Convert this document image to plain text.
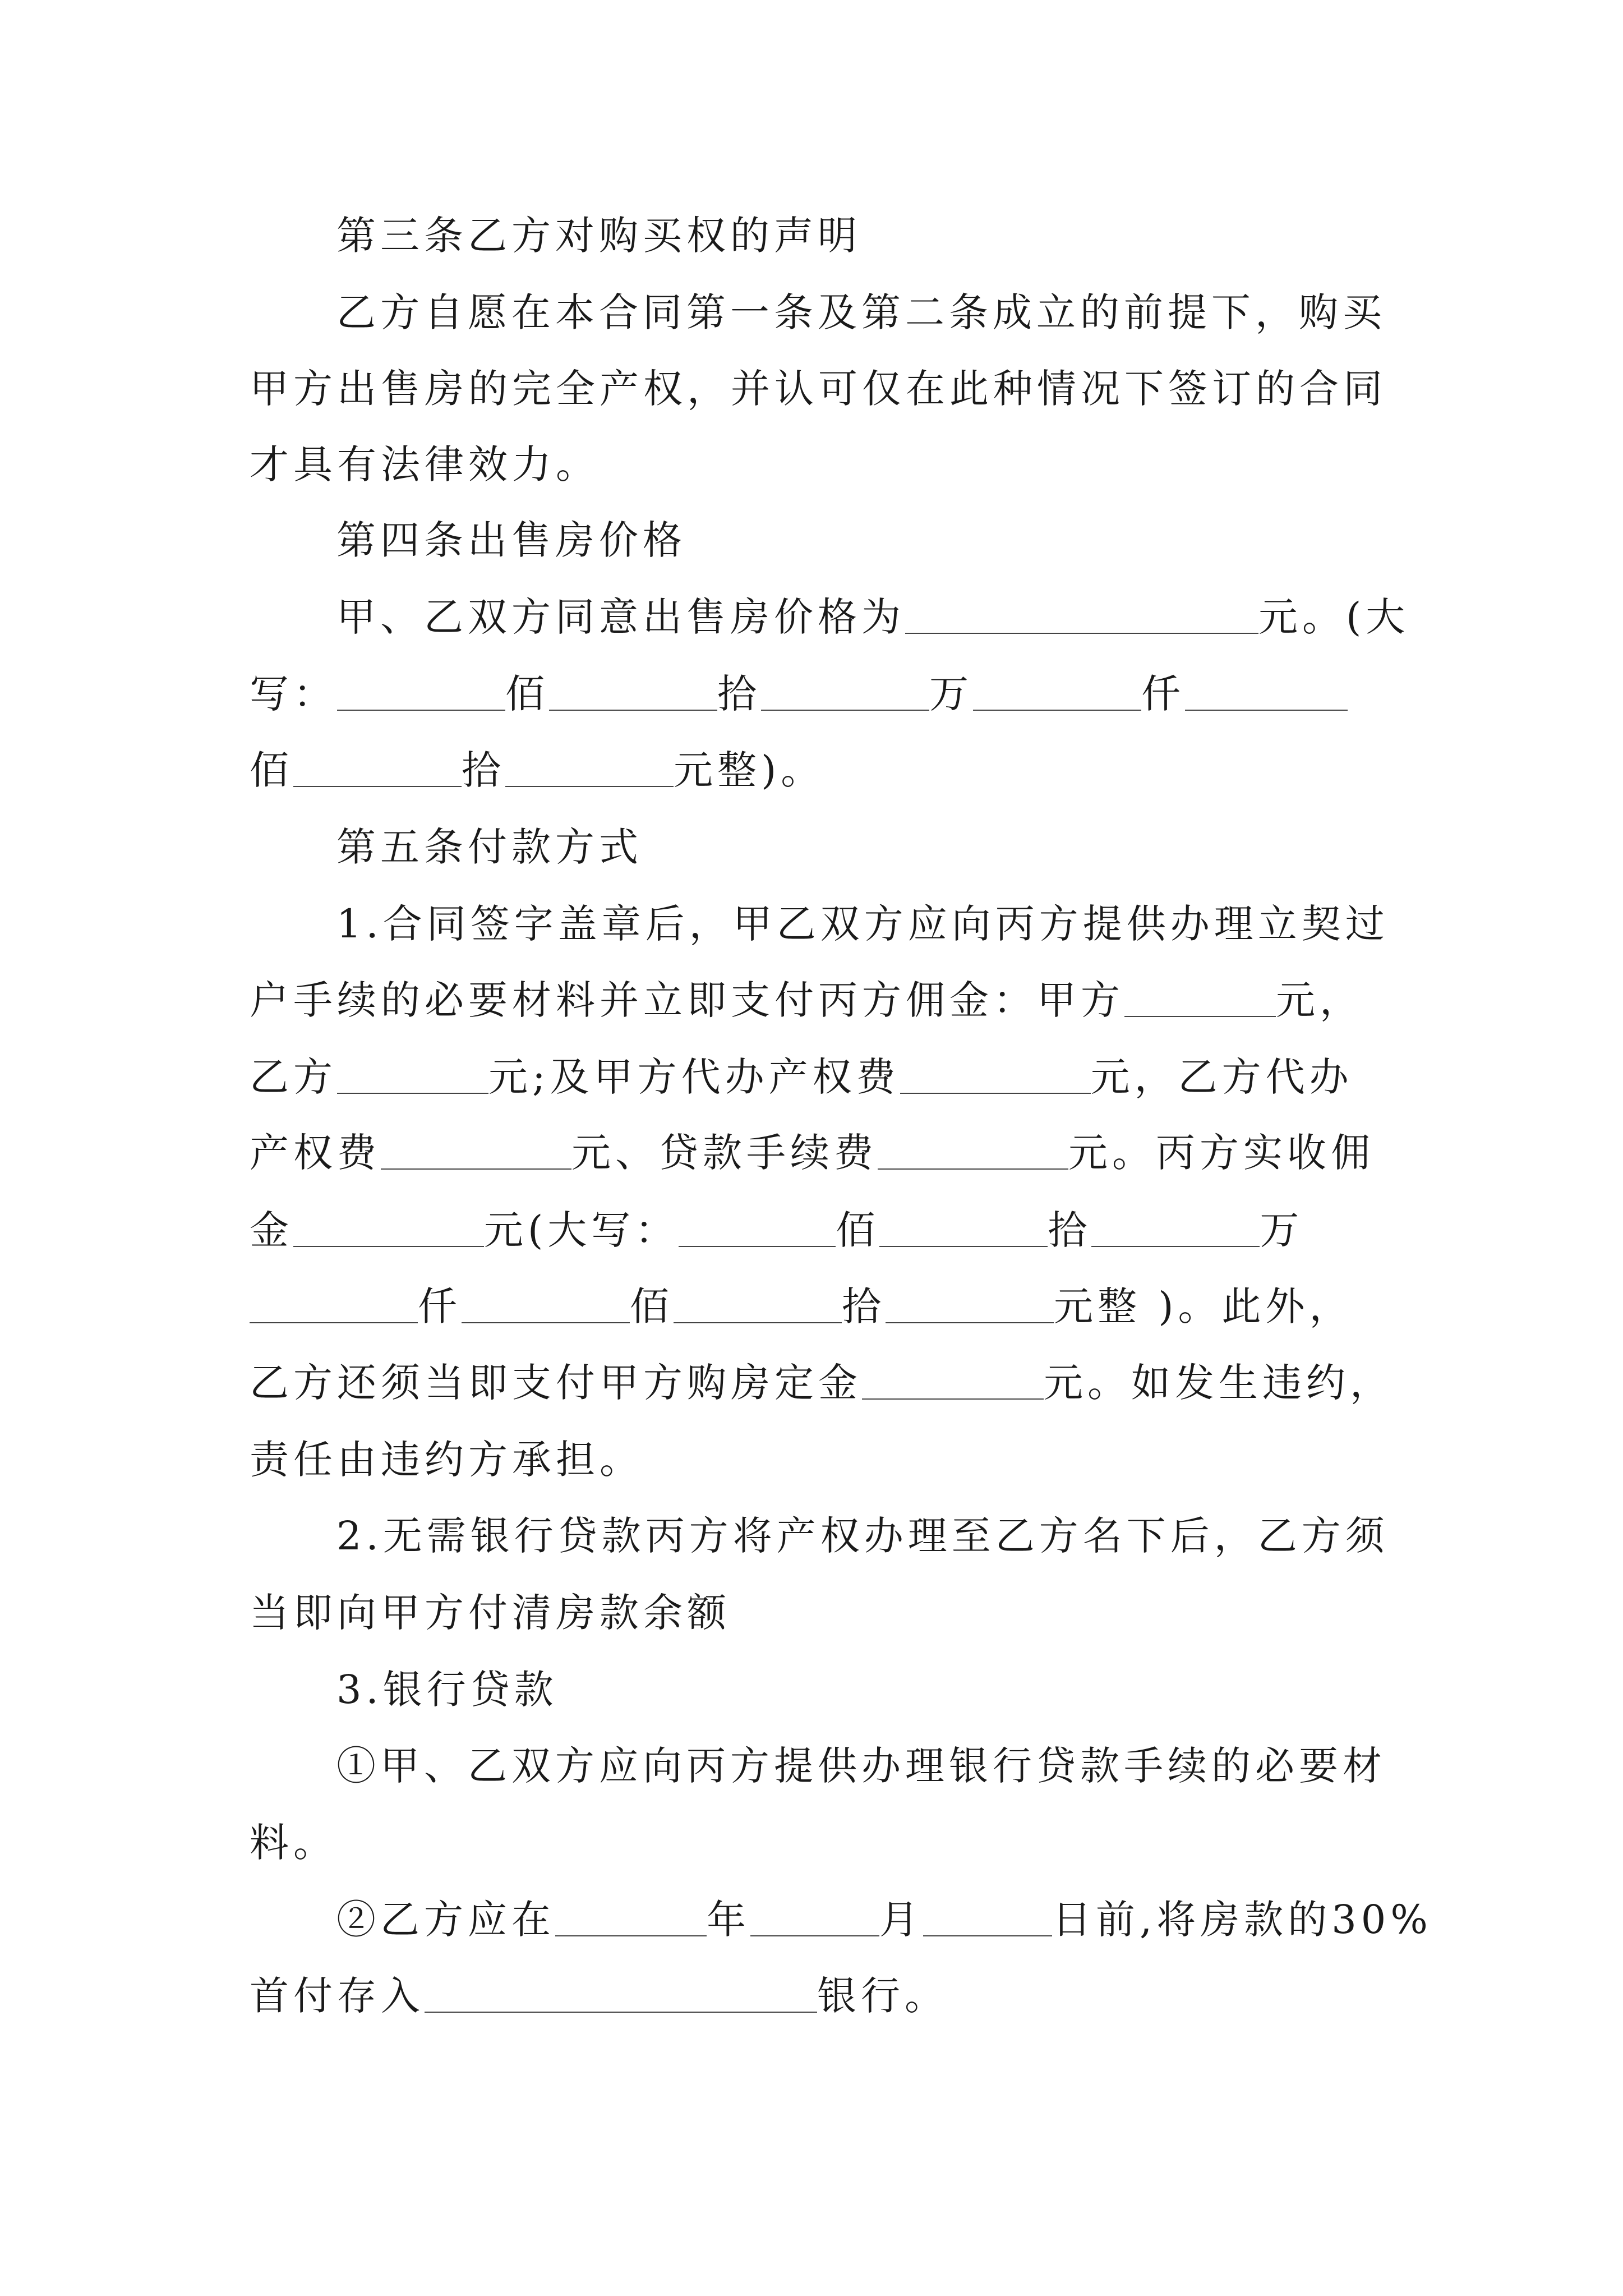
第三条乙方对购买权的声明
乙方自愿在本合同第一条及第二条成立的前提下，购买
甲方出售房的完全产权，并认可仅在此种情况下签订的合同
才具有法律效力。
第四条出售房价格
甲、乙双方同意出售房价格为	元。(大
写：	佰	拾	万	仟
佰	拾	元整)。
第五条付款方式
1.合同签字盖章后，甲乙双方应向丙方提供办理立契过
户手续的必要材料并立即支付丙方佣金：甲方	元，
乙方	元;及甲方代办产权费	元，乙方代办
产权费	元、贷款手续费	元。丙方实收佣
金	元(大写：	佰	拾	万
仟	佰	拾	元整 )。此外，
乙方还须当即支付甲方购房定金	元。如发生违约，
责任由违约方承担。
2.无需银行贷款丙方将产权办理至乙方名下后，乙方须
当即向甲方付清房款余额
3.银行贷款
①甲、乙双方应向丙方提供办理银行贷款手续的必要材
料。
②乙方应在	年	月	日前,将房款的30%
首付存入	银行。
